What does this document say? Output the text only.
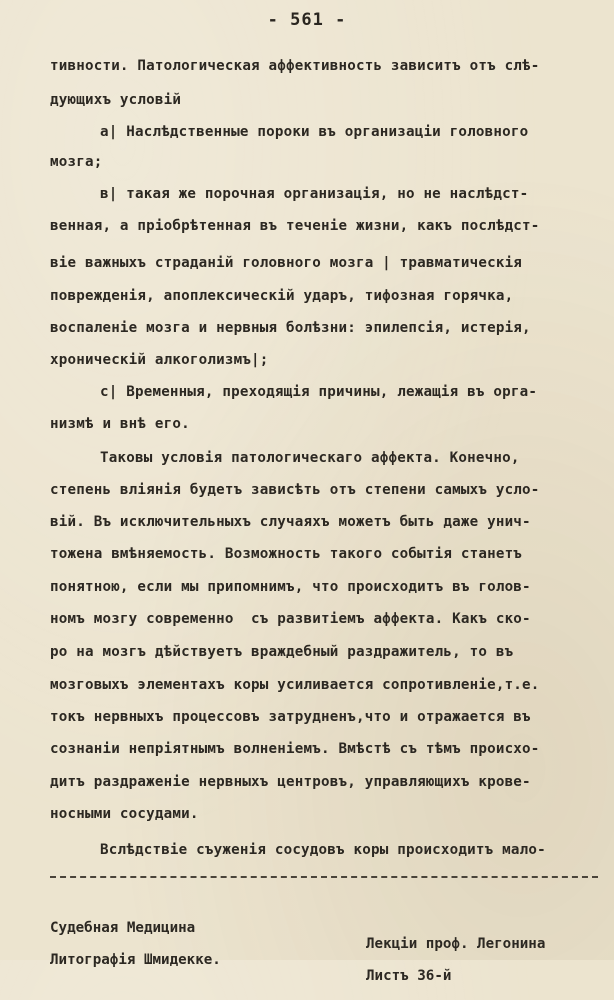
- 561 -
тивности. Патологическая аффективность зависитъ отъ слѣ-
дующихъ условій
а| Наслѣдственные пороки въ организаціи головного
мозга;
в| такая же порочная организація, но не наслѣдст-
венная, а пріобрѣтенная въ теченіе жизни, какъ послѣдст-
віе важныхъ страданій головного мозга | травматическія
поврежденія, апоплексическій ударъ, тифозная горячка,
воспаленіе мозга и нервныя болѣзни: эпилепсія, истерія,
хроническій алкоголизмъ|;
с| Временныя, преходящія причины, лежащія въ орга-
низмѣ и внѣ его.
Таковы условія патологическаго аффекта. Конечно,
степень вліянія будетъ зависѣть отъ степени самыхъ усло-
вій. Въ исключительныхъ случаяхъ можетъ быть даже унич-
тожена вмѣняемость. Возможность такого событія станетъ
понятною, если мы припомнимъ, что происходитъ въ голов-
номъ мозгу современно  съ развитіемъ аффекта. Какъ ско-
ро на мозгъ дѣйствуетъ враждебный раздражитель, то въ
мозговыхъ элементахъ коры усиливается сопротивленіе,т.е.
токъ нервныхъ процессовъ затрудненъ,что и отражается въ
сознаніи непріятнымъ волненіемъ. Вмѣстѣ съ тѣмъ происхо-
дитъ раздраженіе нервныхъ центровъ, управляющихъ крове-
носными сосудами.
Вслѣдствіе съуженія сосудовъ коры происходитъ мало-

Судебная Медицина

Лекціи проф. Легонина

Литографія Шмидекке.

Листъ 36-й
